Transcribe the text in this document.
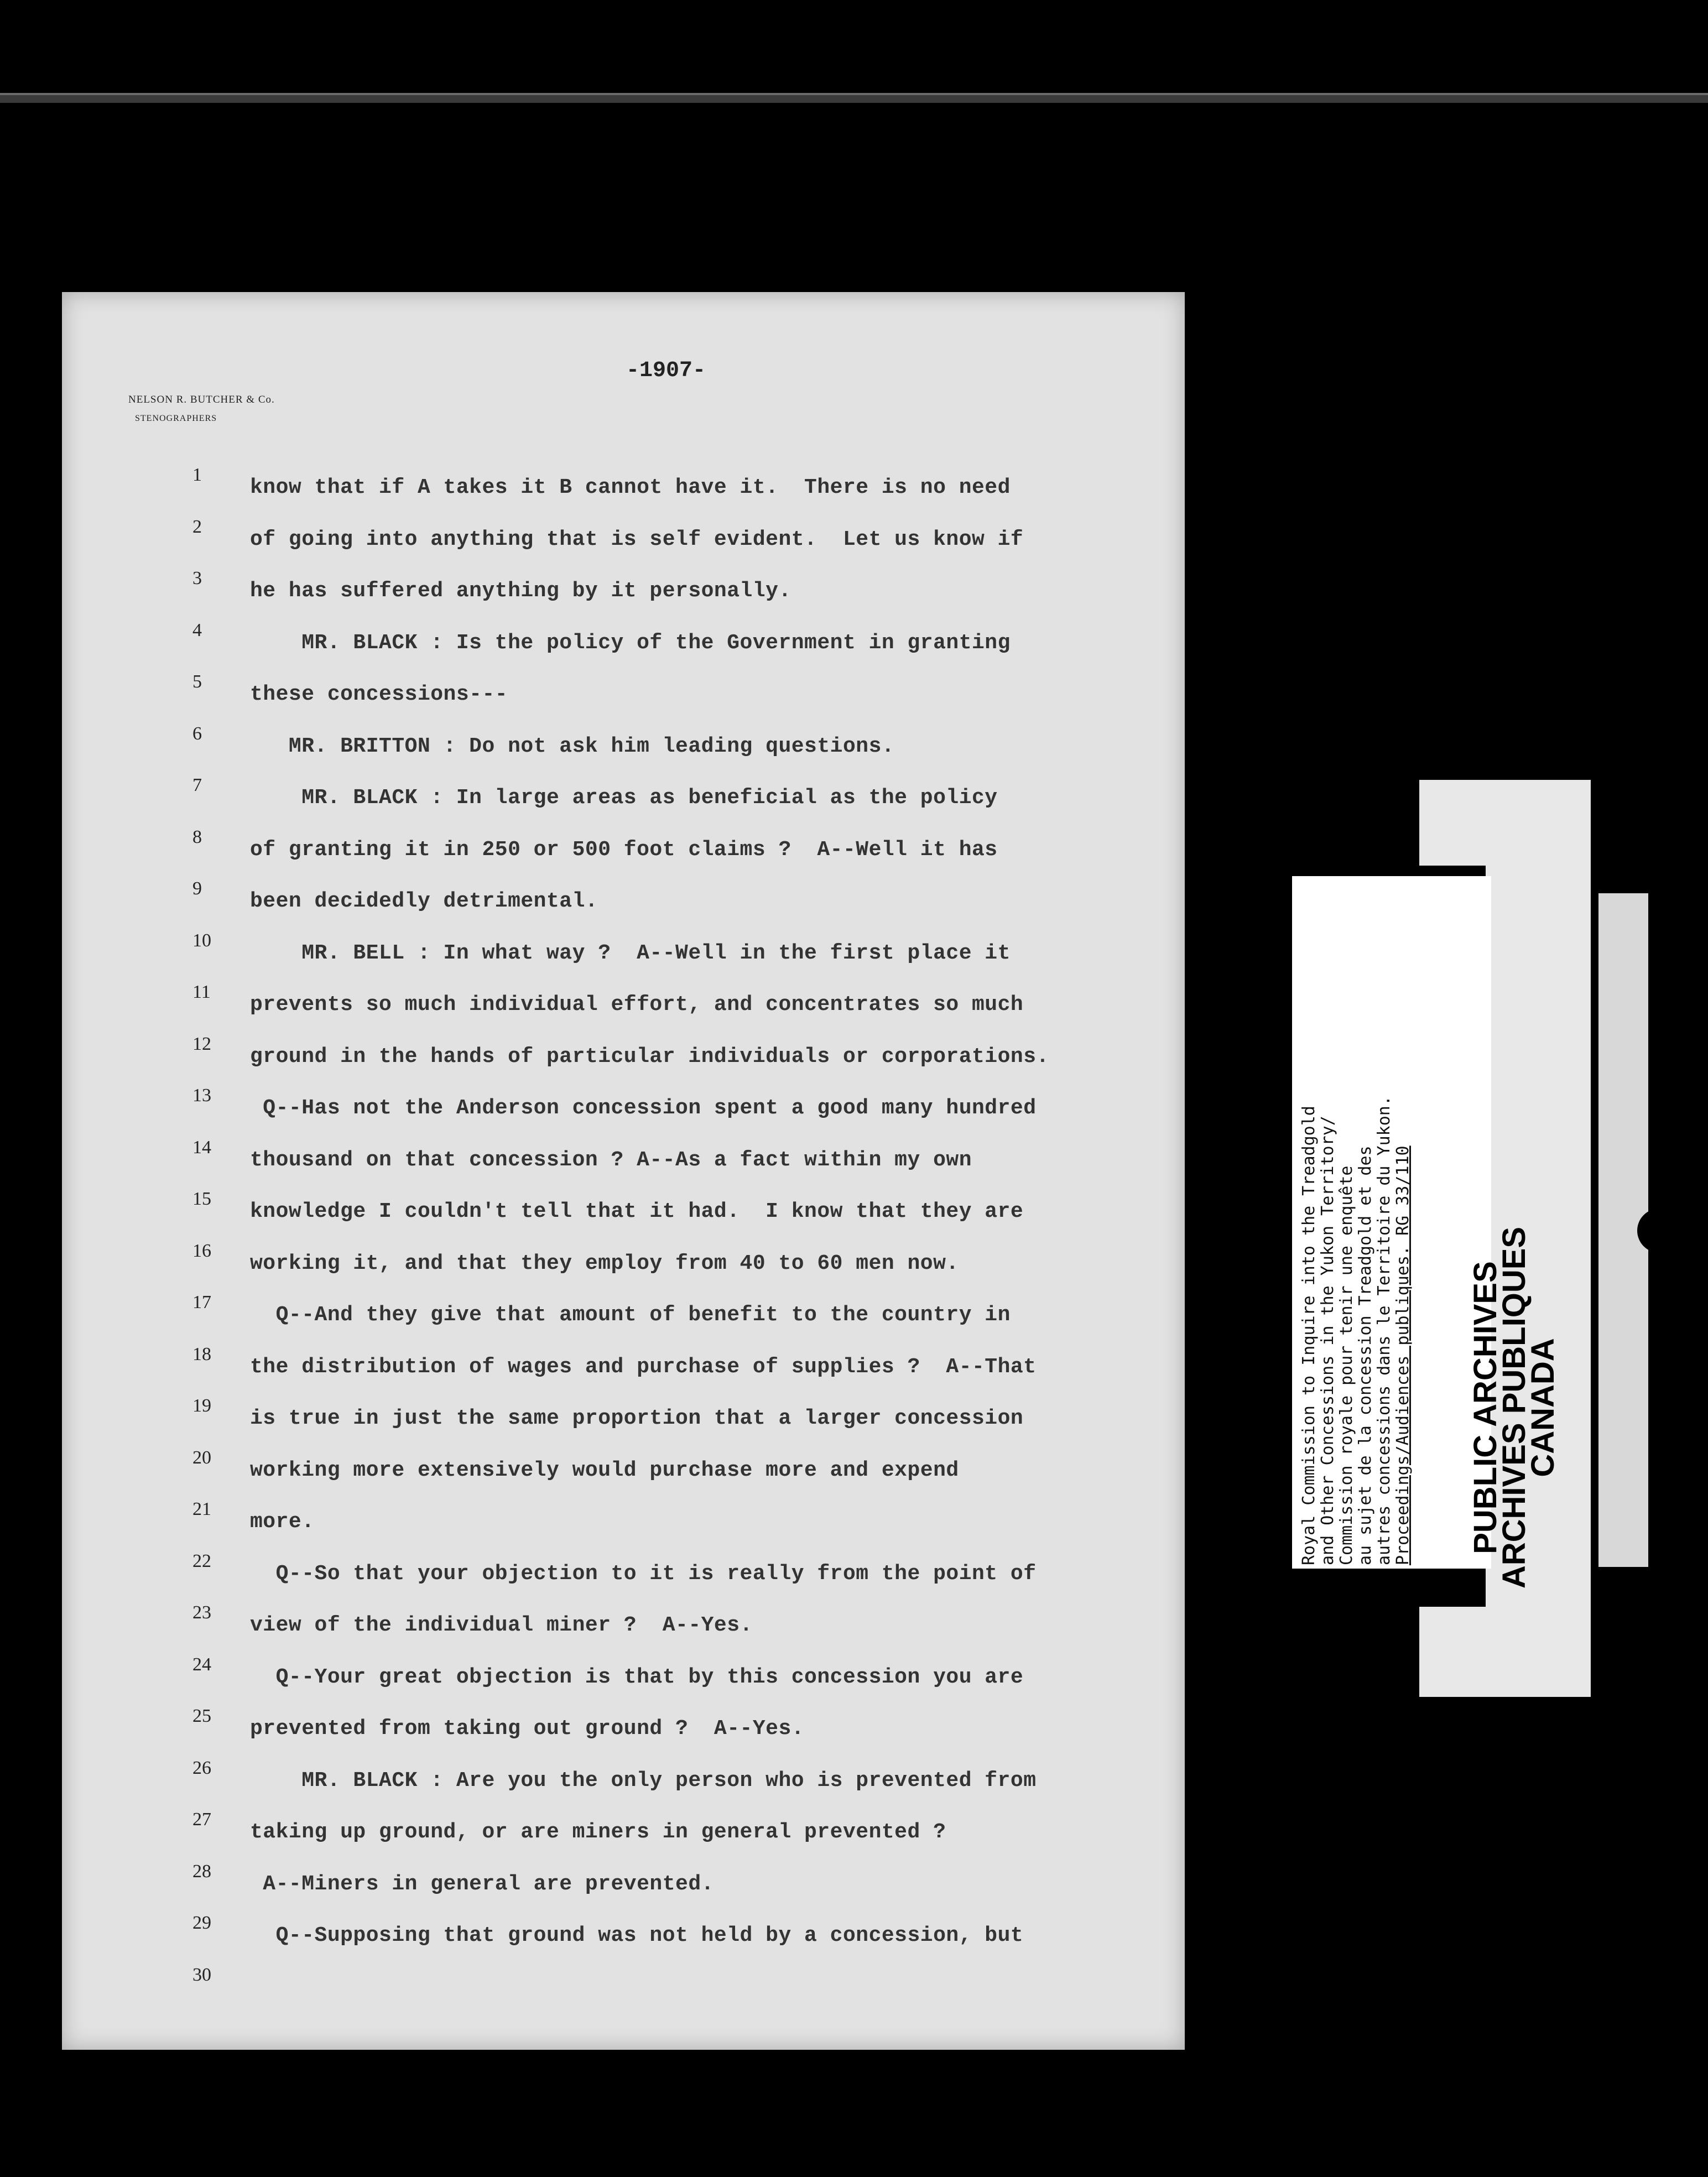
-1907-
NELSON R. BUTCHER & Co.
STENOGRAPHERS
1
know that if A takes it B cannot have it.  There is no need
2
of going into anything that is self evident.  Let us know if
3
he has suffered anything by it personally.
4
MR. BLACK : Is the policy of the Government in granting
5
these concessions---
6
MR. BRITTON : Do not ask him leading questions.
7
MR. BLACK : In large areas as beneficial as the policy
8
of granting it in 250 or 500 foot claims ?  A--Well it has
9
been decidedly detrimental.
10
MR. BELL : In what way ?  A--Well in the first place it
11
prevents so much individual effort, and concentrates so much
12
ground in the hands of particular individuals or corporations.
13
Q--Has not the Anderson concession spent a good many hundred
14
thousand on that concession ? A--As a fact within my own
15
knowledge I couldn't tell that it had.  I know that they are
16
working it, and that they employ from 40 to 60 men now.
17
Q--And they give that amount of benefit to the country in
18
the distribution of wages and purchase of supplies ?  A--That
19
is true in just the same proportion that a larger concession
20
working more extensively would purchase more and expend
21
more.
22
Q--So that your objection to it is really from the point of
23
view of the individual miner ?  A--Yes.
24
Q--Your great objection is that by this concession you are
25
prevented from taking out ground ?  A--Yes.
26
MR. BLACK : Are you the only person who is prevented from
27
taking up ground, or are miners in general prevented ?
28
A--Miners in general are prevented.
29
Q--Supposing that ground was not held by a concession, but
30
Royal Commission to Inquire into the Treadgold and Other Concessions in the Yukon Territory/ Commission royale pour tenir une enquête au sujet de la concession Treadgold et des autres concessions dans le Territoire du Yukon. Proceedings/Audiences publiques. RG 33/110 PUBLIC ARCHIVES
ARCHIVES PUBLIQUES
CANADA
